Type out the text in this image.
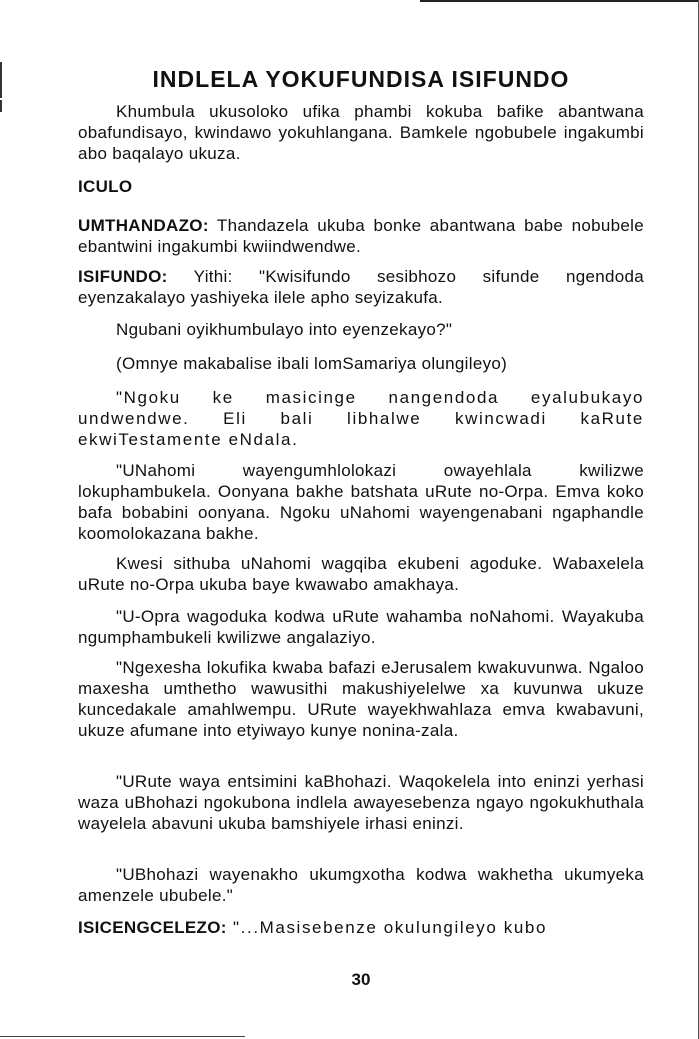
INDLELA YOKUFUNDISA ISIFUNDO

Khumbula ukusoloko ufika phambi kokuba bafike abantwana obafundisayo, kwindawo yokuhlangana. Bamkele ngobubele ingakumbi abo baqalayo ukuza.

ICULO

UMTHANDAZO: Thandazela ukuba bonke abantwana babe nobubele ebantwini ingakumbi kwiindwendwe.

ISIFUNDO: Yithi: "Kwisifundo sesibhozo sifunde ngendoda eyenzakalayo yashiyeka ilele apho seyizakufa.

Ngubani oyikhumbulayo into eyenzekayo?"

(Omnye makabalise ibali lomSamariya olungileyo)

"Ngoku ke masicinge nangendoda eyalubukayo undwendwe. Eli bali libhalwe kwincwadi kaRute ekwiTestamente eNdala.

"UNahomi wayengumhlolokazi owayehlala kwilizwe lokuphambukela. Oonyana bakhe batshata uRute no-Orpa. Emva koko bafa bobabini oonyana. Ngoku uNahomi wayengenabani ngaphandle koomolokazana bakhe.

Kwesi sithuba uNahomi wagqiba ekubeni agoduke. Wabaxelela uRute no-Orpa ukuba baye kwawabo amakhaya.

"U-Opra wagoduka kodwa uRute wahamba noNahomi. Wayakuba ngumphambukeli kwilizwe angalaziyo.

"Ngexesha lokufika kwaba bafazi eJerusalem kwakuvunwa. Ngaloo maxesha umthetho wawusithi makushiyelelwe xa kuvunwa ukuze kuncedakale amahlwempu. URute wayekhwahlaza emva kwabavuni, ukuze afumane into etyiwayo kunye nonina-zala.

"URute waya entsimini kaBhohazi. Waqokelela into eninzi yerhasi waza uBhohazi ngokubona indlela awayesebenza ngayo ngokukhuthala wayelela abavuni ukuba bamshiyele irhasi eninzi.

"UBhohazi wayenakho ukumgxotha kodwa wakhetha ukumyeka amenzele ububele."

ISICENGCELEZO: "...Masisebenze okulungileyo kubo

30
